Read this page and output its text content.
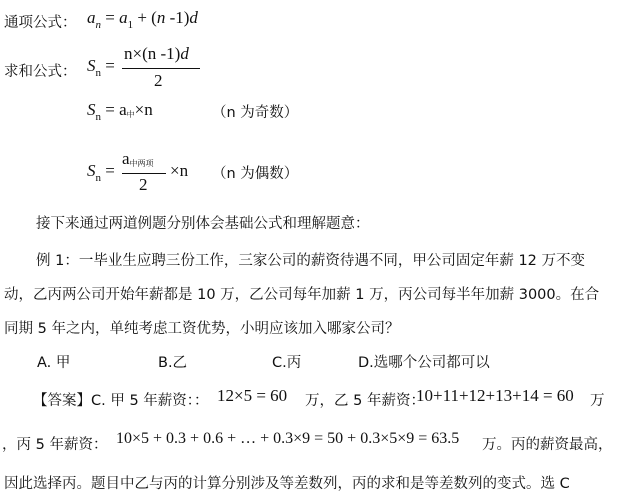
通项公式： $a_n = a_1 + (n$ -1)d
求和公式： $S_n$ =
n×(n -1)d
2
$S_n = a$中×n	（n 为奇数）
$S_n$ =
a中两项
2
×n （n 为偶数）
接下来通过两道例题分别体会基础公式和理解题意：
例 1：一毕业生应聘三份工作，三家公司的薪资待遇不同，甲公司固定年薪 12 万不变
动，乙丙两公司开始年薪都是 10 万，乙公司每年加薪 1 万，丙公司每半年加薪 3000。在合
同期 5 年之内，单纯考虑工资优势，小明应该加入哪家公司？
A. 甲	B.乙	C.丙	D.选哪个公司都可以
【答案】C. 甲 5 年薪资：： 12×5 = 60 万，乙 5 年薪资：
10+11+12+13+14 = 60 万
，丙 5 年薪资： 10×5 + 0.3 + 0.6 + … + 0.3×9 = 50 + 0.3×5×9 = 63.5 万。丙的薪资最高，
因此选择丙。题目中乙与丙的计算分别涉及等差数列，丙的求和是等差数列的变式。选 C
